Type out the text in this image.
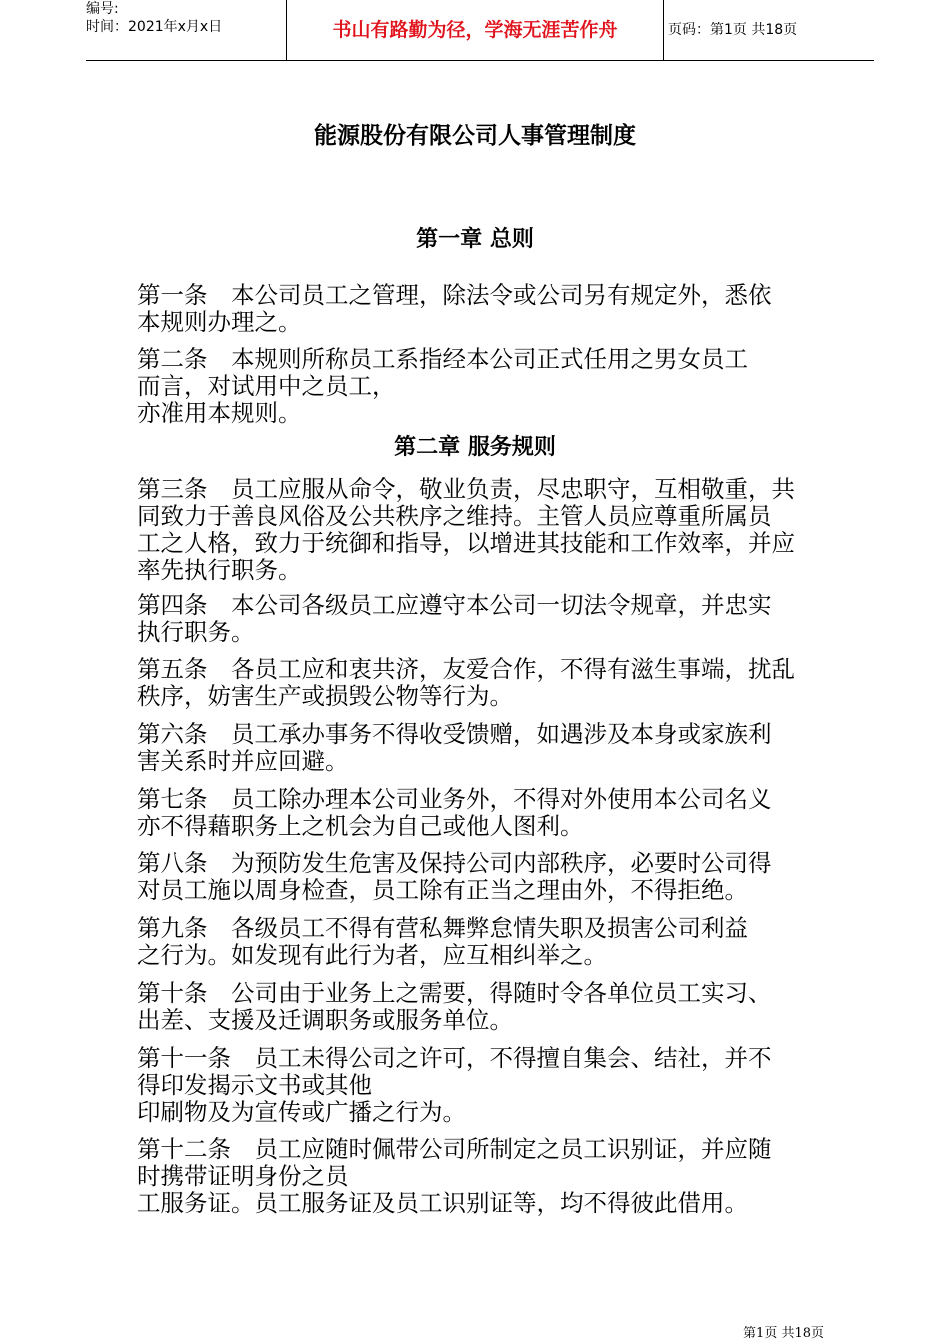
编号:
时间：2021年x月x日	书山有路勤为径，学海无涯苦作舟	页码：第1页 共18页
能源股份有限公司人事管理制度
第一章 总则
第一条　本公司员工之管理，除法令或公司另有规定外，悉依
本规则办理之。
第二条　本规则所称员工系指经本公司正式任用之男女员工
而言，对试用中之员工，
亦准用本规则。
第二章 服务规则
第三条　员工应服从命令，敬业负责，尽忠职守，互相敬重，共
同致力于善良风俗及公共秩序之维持。主管人员应尊重所属员
工之人格，致力于统御和指导，以增进其技能和工作效率，并应
率先执行职务。
第四条　本公司各级员工应遵守本公司一切法令规章，并忠实
执行职务。
第五条　各员工应和衷共济，友爱合作，不得有滋生事端，扰乱
秩序，妨害生产或损毁公物等行为。
第六条　员工承办事务不得收受馈赠，如遇涉及本身或家族利
害关系时并应回避。
第七条　员工除办理本公司业务外，不得对外使用本公司名义
亦不得藉职务上之机会为自己或他人图利。
第八条　为预防发生危害及保持公司内部秩序，必要时公司得
对员工施以周身检查，员工除有正当之理由外，不得拒绝。
第九条　各级员工不得有营私舞弊怠情失职及损害公司利益
之行为。如发现有此行为者，应互相纠举之。
第十条　公司由于业务上之需要，得随时令各单位员工实习、
出差、支援及迁调职务或服务单位。
第十一条　员工未得公司之许可，不得擅自集会、结社，并不
得印发揭示文书或其他
印刷物及为宣传或广播之行为。
第十二条　员工应随时佩带公司所制定之员工识别证，并应随
时携带证明身份之员
工服务证。员工服务证及员工识别证等，均不得彼此借用。
第1页 共18页
